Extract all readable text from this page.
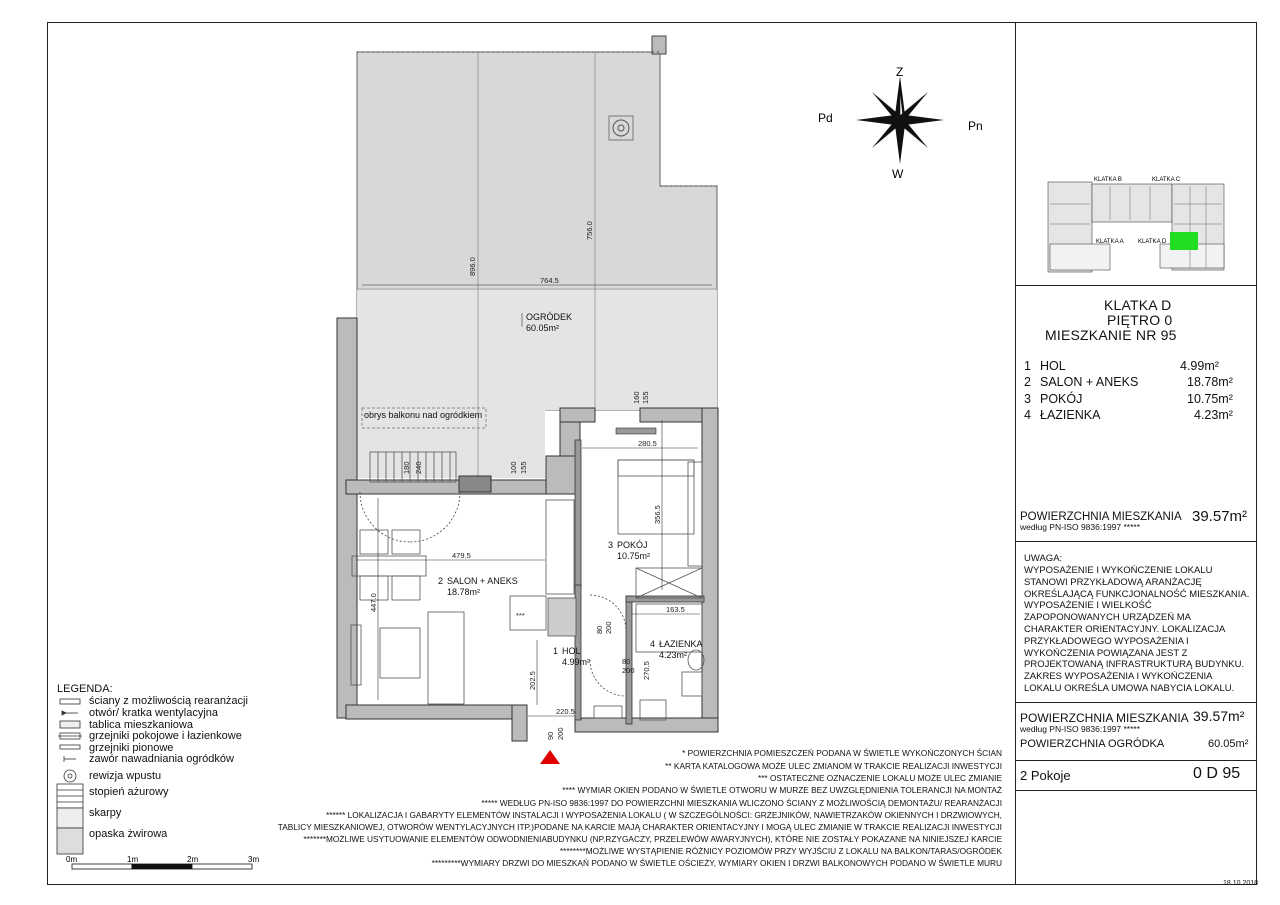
764.5
280.5
479.5
163.5
220.5
896.0
756.0
356.5
447.0
202.5
160 155
180 240	100 155
80 200
80
200 270.5
90 200
***
obrys balkonu nad ogródkiem
OGRÓDEK
60.05m²
2 SALON + ANEKS
18.78m²
3 POKÓJ
10.75m²
1 HOL
4.99m²
4 ŁAZIENKA
4.23m²
Z
W
Pd
Pn
0m	1m	2m	3m
KLATKA B	KLATKA C
KLATKA A KLATKA D
KLATKA D
PIĘTRO 0
MIESZKANIE NR 95
1 HOL	4.99m²
2 SALON + ANEKS	18.78m²
3 POKÓJ	10.75m²
4 ŁAZIENKA	4.23m²
POWIERZCHNIA MIESZKANIA
według PN-ISO 9836:1997 *****
39.57m²
UWAGA:
WYPOSAŻENIE I WYKOŃCZENIE LOKALU STANOWI PRZYKŁADOWĄ ARANŻACJĘ OKREŚLAJĄCĄ FUNKCJONALNOŚĆ MIESZKANIA. WYPOSAŻENIE I WIELKOŚĆ ZAPOPONOWANYCH URZĄDZEŃ MA CHARAKTER ORIENTACYJNY. LOKALIZACJA PRZYKŁADOWEGO WYPOSAŻENIA I WYKOŃCZENIA POWIĄZANA JEST Z PROJEKTOWANĄ INFRASTRUKTURĄ BUDYNKU. ZAKRES WYPOSAŻENIA I WYKOŃCZENIA LOKALU OKREŚLA UMOWA NABYCIA LOKALU.
POWIERZCHNIA MIESZKANIA 39.57m²
według PN-ISO 9836:1997 *****
POWIERZCHNIA OGRÓDKA	60.05m²
2 Pokoje	0 D 95
18.10.2018
LEGENDA:
ściany z możliwością rearanżacji
otwór/ kratka wentylacyjna
tablica mieszkaniowa
grzejniki pokojowe i łazienkowe
grzejniki pionowe
zawór nawadniania ogródków
rewizja wpustu
stopień ażurowy
skarpy
opaska żwirowa
* POWIERZCHNIA POMIESZCZEŃ PODANA W ŚWIETLE WYKOŃCZONYCH ŚCIAN
** KARTA KATALOGOWA MOŻE ULEC ZMIANOM W TRAKCIE REALIZACJI INWESTYCJI
*** OSTATECZNE OZNACZENIE LOKALU MOŻE ULEC ZMIANIE
**** WYMIAR OKIEN PODANO W ŚWIETLE OTWORU W MURZE BEZ UWZGLĘDNIENIA TOLERANCJI NA MONTAŻ
***** WEDŁUG PN-ISO 9836:1997 DO POWIERZCHNI MIESZKANIA WLICZONO ŚCIANY Z MOŻLIWOŚCIĄ DEMONTAŻU/ REARANŻACJI
****** LOKALIZACJA I GABARYTY ELEMENTÓW INSTALACJI I WYPOSAŻENIA LOKALU ( W SZCZEGÓLNOŚCI: GRZEJNIKÓW, NAWIETRZAKÓW OKIENNYCH I DRZWIOWYCH,
TABLICY MIESZKANIOWEJ, OTWORÓW WENTYLACYJNYCH ITP.)PODANE NA KARCIE MAJĄ CHARAKTER ORIENTACYJNY I MOGĄ ULEC ZMIANIE W TRAKCIE REALIZACJI INWESTYCJI
*******MOŻLIWE USYTUOWANIE ELEMENTÓW ODWODNIENIABUDYNKU (NP.RZYGACZY, PRZELEWÓW AWARYJNYCH), KTÓRE NIE ZOSTAŁY POKAZANE NA NINIEJSZEJ KARCIE
********MOŻLIWE WYSTĄPIENIE RÓŻNICY POZIOMÓW PRZY WYJŚCIU Z LOKALU NA BALKON/TARAS/OGRÓDEK
*********WYMIARY DRZWI DO MIESZKAŃ PODANO W ŚWIETLE OŚCIEŻY, WYMIARY OKIEN I DRZWI BALKONOWYCH PODANO W ŚWIETLE MURU
